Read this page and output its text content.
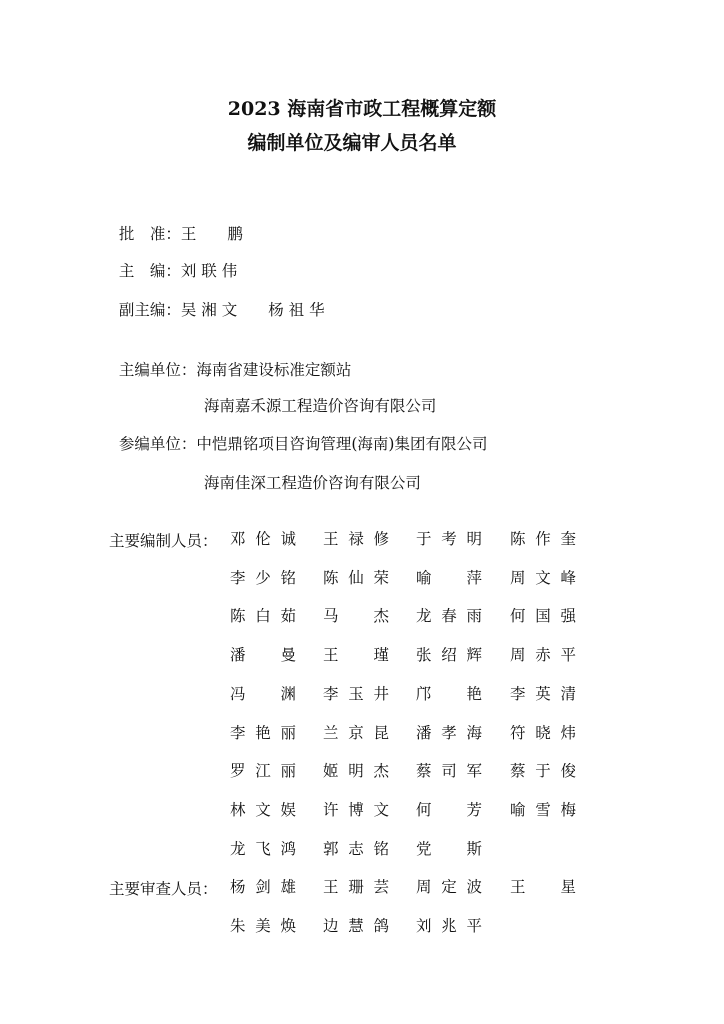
2023 海南省市政工程概算定额
编制单位及编审人员名单

批　准：王　　鹏

主　编：刘 联 伟

副主编：吴 湘 文　　杨 祖 华

主编单位：海南省建设标准定额站

海南嘉禾源工程造价咨询有限公司

参编单位：中恺鼎铭项目咨询管理(海南)集团有限公司

海南佳深工程造价咨询有限公司

主要编制人员：
主要审查人员：
邓 伦 诚 王 禄 修 于 考 明 陈 作 奎
李 少 铭 陈 仙 荣 喻 萍 周 文 峰
陈 白 茹 马 杰 龙 春 雨 何 国 强
潘 曼 王 瑾 张 绍 辉 周 赤 平
冯 渊 李 玉 井 邝 艳 李 英 清
李 艳 丽 兰 京 昆 潘 孝 海 符 晓 炜
罗 江 丽 姬 明 杰 蔡 司 军 蔡 于 俊
林 文 娱 许 博 文 何 芳 喻 雪 梅
龙 飞 鸿 郭 志 铭 党 斯
杨 剑 雄 王 珊 芸 周 定 波 王 星
朱 美 焕 边 慧 鸽 刘 兆 平
